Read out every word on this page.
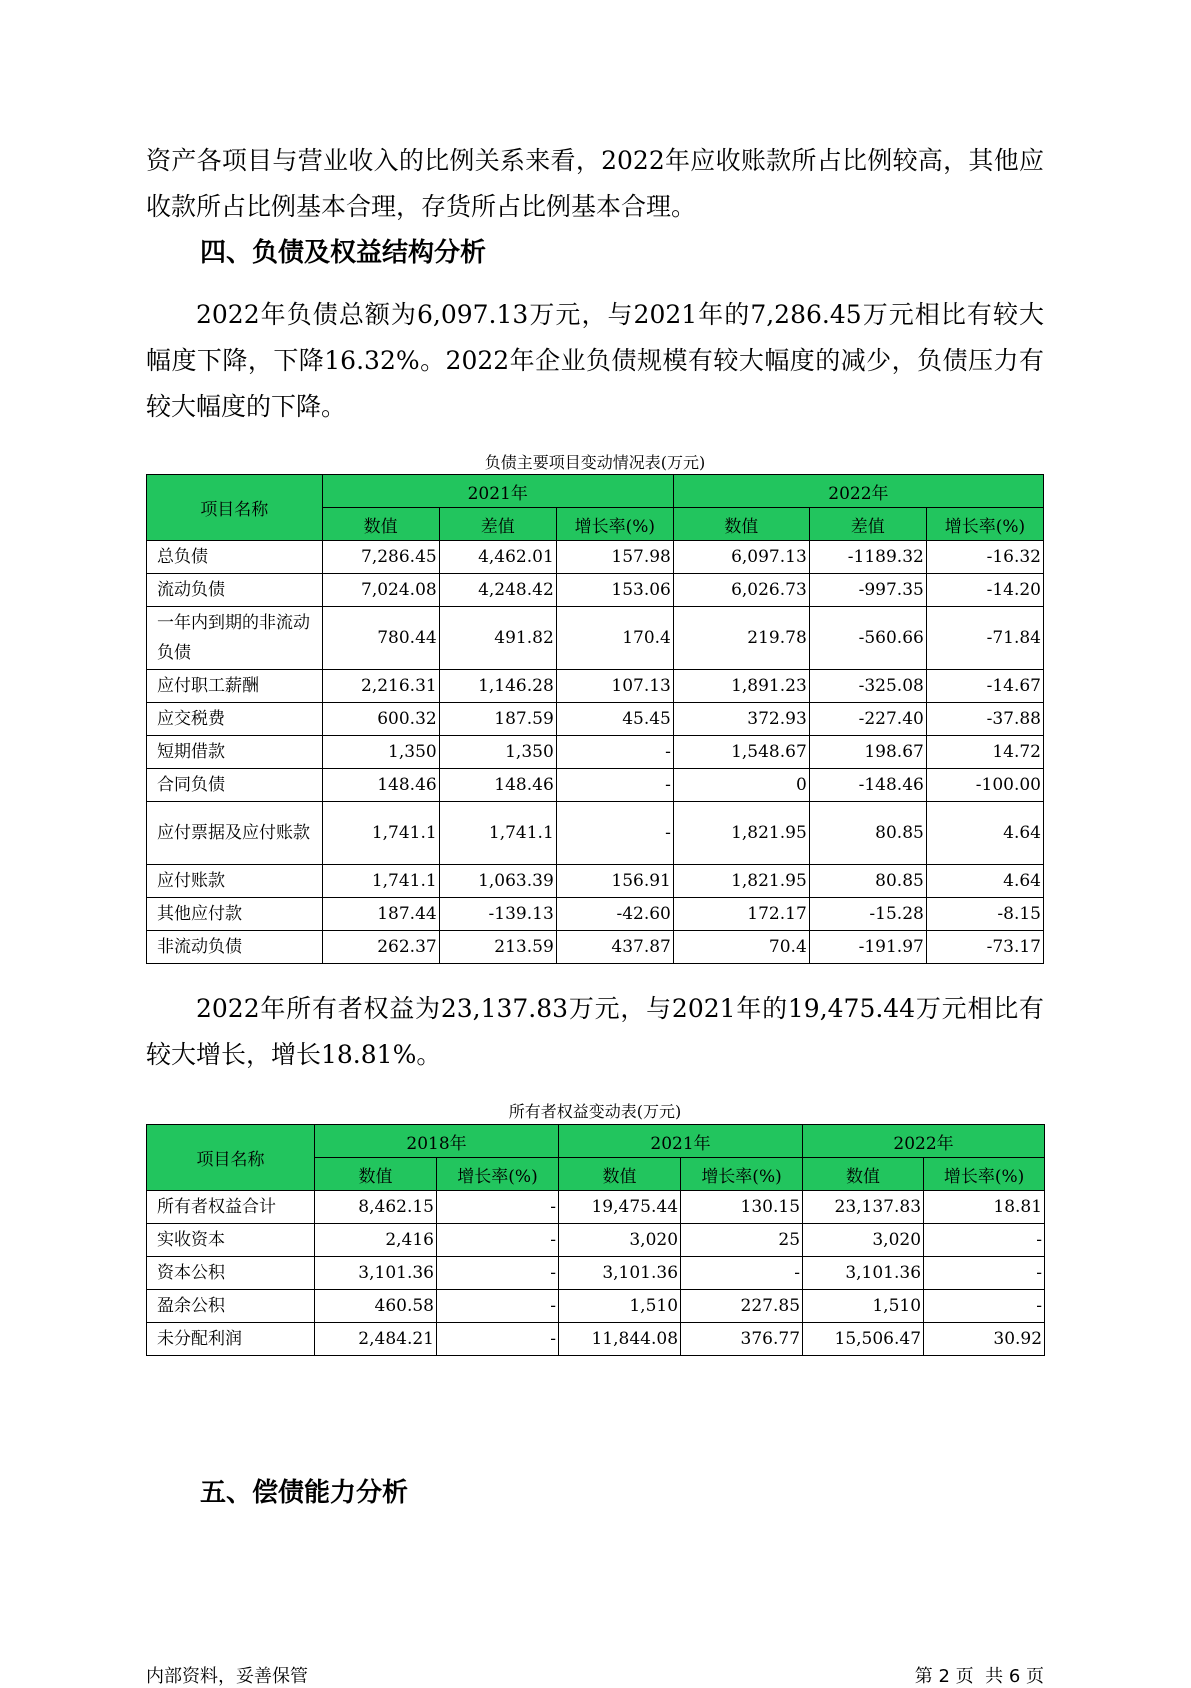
资产各项目与营业收入的比例关系来看，2022年应收账款所占比例较高，其他应收款所占比例基本合理，存货所占比例基本合理。

四、负债及权益结构分析

2022年负债总额为6,097.13万元，与2021年的7,286.45万元相比有较大幅度下降，下降16.32%。2022年企业负债规模有较大幅度的减少，负债压力有较大幅度的下降。

负债主要项目变动情况表(万元)

项目名称	2021年			2022年		
	数值	差值	增长率(%)	数值	差值	增长率(%)
总负债	7,286.45	4,462.01	157.98	6,097.13	-1189.32	-16.32
流动负债	7,024.08	4,248.42	153.06	6,026.73	-997.35	-14.20
一年内到期的非流动负债	780.44	491.82	170.4	219.78	-560.66	-71.84
应付职工薪酬	2,216.31	1,146.28	107.13	1,891.23	-325.08	-14.67
应交税费	600.32	187.59	45.45	372.93	-227.40	-37.88
短期借款	1,350	1,350	-	1,548.67	198.67	14.72
合同负债	148.46	148.46	-	0	-148.46	-100.00
应付票据及应付账款	1,741.1	1,741.1	-	1,821.95	80.85	4.64
应付账款	1,741.1	1,063.39	156.91	1,821.95	80.85	4.64
其他应付款	187.44	-139.13	-42.60	172.17	-15.28	-8.15
非流动负债	262.37	213.59	437.87	70.4	-191.97	-73.17

2022年所有者权益为23,137.83万元，与2021年的19,475.44万元相比有较大增长，增长18.81%。

所有者权益变动表(万元)

项目名称	2018年		2021年		2022年	
	数值	增长率(%)	数值	增长率(%)	数值	增长率(%)
所有者权益合计	8,462.15	-	19,475.44	130.15	23,137.83	18.81
实收资本	2,416	-	3,020	25	3,020	-
资本公积	3,101.36	-	3,101.36	-	3,101.36	-
盈余公积	460.58	-	1,510	227.85	1,510	-
未分配利润	2,484.21	-	11,844.08	376.77	15,506.47	30.92
五、偿债能力分析

内部资料，妥善保管	第 2 页  共 6 页
